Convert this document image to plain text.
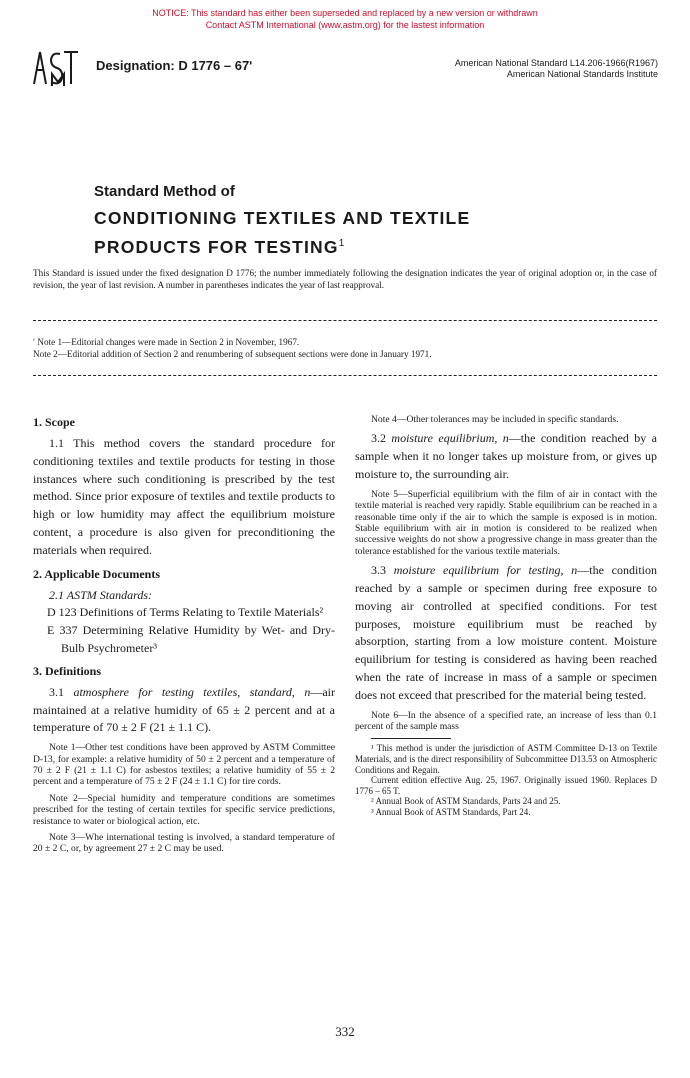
NOTICE: This standard has either been superseded and replaced by a new version or withdrawn
Contact ASTM International (www.astm.org) for the lastest information
Designation: D 1776 – 67ʹ	American National Standard L14.206-1966(R1967)
American National Standards Institute
Standard Method of
CONDITIONING TEXTILES AND TEXTILE
PRODUCTS FOR TESTING$^1$
This Standard is issued under the fixed designation D 1776; the number immediately following the designation indicates the year of original adoption or, in the case of revision, the year of last revision. A number in parentheses indicates the year of last reapproval.
ʹ Note 1—Editorial changes were made in Section 2 in November, 1967.
Note 2—Editorial addition of Section 2 and renumbering of subsequent sections were done in January 1971.
1. Scope

1.1 This method covers the standard procedure for conditioning textiles and textile products for testing in those instances where such conditioning is prescribed by the test method. Since prior exposure of textiles and textile products to high or low humidity may affect the equilibrium moisture content, a procedure is also given for preconditioning the materials when required.

2. Applicable Documents

2.1 ASTM Standards:

D 123 Definitions of Terms Relating to Textile Materials²

E 337 Determining Relative Humidity by Wet- and Dry-Bulb Psychrometer³

3. Definitions

3.1 atmosphere for testing textiles, standard, n—air maintained at a relative humidity of 65 ± 2 percent and at a temperature of 70 ± 2 F (21 ± 1.1 C).

Note 1—Other test conditions have been approved by ASTM Committee D-13, for example: a relative humidity of 50 ± 2 percent and a temperature of 70 ± 2 F (21 ± 1.1 C) for asbestos textiles; a relative humidity of 55 ± 2 percent and a temperature of 75 ± 2 F (24 ± 1.1 C) for tire cords.

Note 2—Special humidity and temperature conditions are sometimes prescribed for the testing of certain textiles for specific service predictions, resistance to water or biological action, etc.

Note 3—Whe international testing is involved, a standard temperature of 20 ± 2 C, or, by agreement 27 ± 2 C may be used.

Note 4—Other tolerances may be included in specific standards.

3.2 moisture equilibrium, n—the condition reached by a sample when it no longer takes up moisture from, or gives up moisture to, the surrounding air.

Note 5—Superficial equilibrium with the film of air in contact with the textile material is reached very rapidly. Stable equilibrium can be reached in a reasonable time only if the air to which the sample is exposed is in motion. Stable equilibrium with air in motion is considered to be realized when successive weights do not show a progressive change in mass greater than the tolerance established for the various textile materials.

3.3 moisture equilibrium for testing, n—the condition reached by a sample or specimen during free exposure to moving air controlled at specified conditions. For test purposes, moisture equilibrium must be reached by absorption, starting from a low moisture content. Moisture equilibrium for testing is considered as having been reached when the rate of increase in mass of a sample or specimen does not exceed that prescribed for the material being tested.

Note 6—In the absence of a specified rate, an increase of less than 0.1 percent of the sample mass

¹ This method is under the jurisdiction of ASTM Committee D-13 on Textile Materials, and is the direct responsibility of Subcommittee D13.53 on Atmospheric Conditions and Regain.

Current edition effective Aug. 25, 1967. Originally issued 1960. Replaces D 1776 – 65 T.

² Annual Book of ASTM Standards, Parts 24 and 25.

³ Annual Book of ASTM Standards, Part 24.

332
